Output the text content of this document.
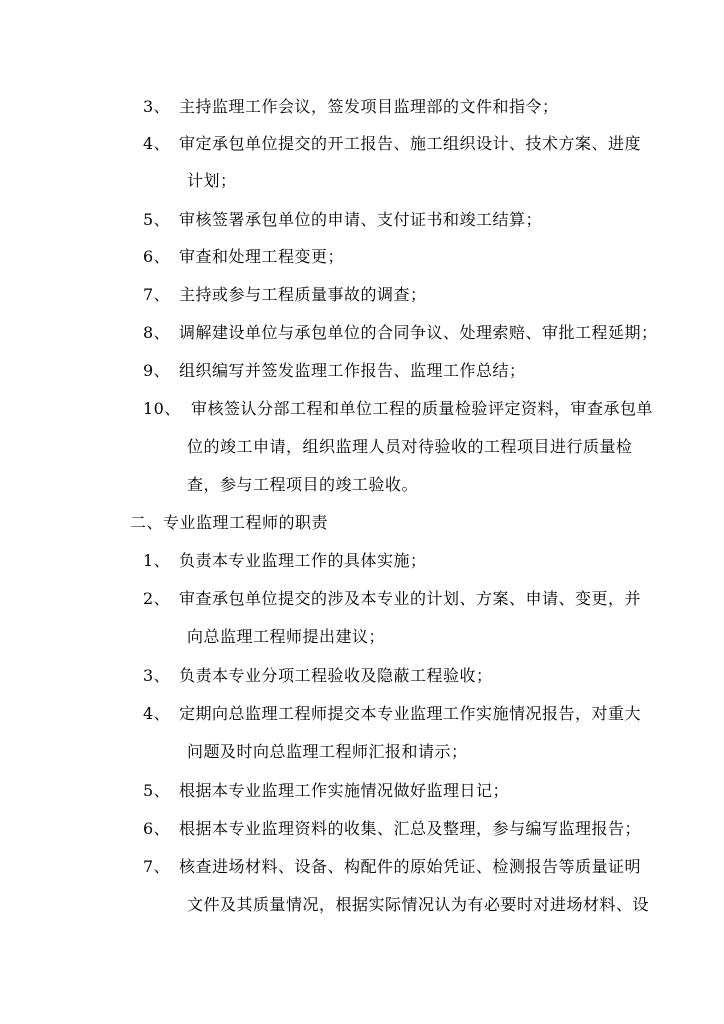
3、 主持监理工作会议，签发项目监理部的文件和指令；
4、 审定承包单位提交的开工报告、施工组织设计、技术方案、进度
计划；
5、 审核签署承包单位的申请、支付证书和竣工结算；
6、 审查和处理工程变更；
7、 主持或参与工程质量事故的调查；
8、 调解建设单位与承包单位的合同争议、处理索赔、审批工程延期；
9、 组织编写并签发监理工作报告、监理工作总结；
10、 审核签认分部工程和单位工程的质量检验评定资料，审查承包单
位的竣工申请，组织监理人员对待验收的工程项目进行质量检
查，参与工程项目的竣工验收。
二、专业监理工程师的职责
1、 负责本专业监理工作的具体实施；
2、 审查承包单位提交的涉及本专业的计划、方案、申请、变更，并
向总监理工程师提出建议；
3、 负责本专业分项工程验收及隐蔽工程验收；
4、 定期向总监理工程师提交本专业监理工作实施情况报告，对重大
问题及时向总监理工程师汇报和请示；
5、 根据本专业监理工作实施情况做好监理日记；
6、 根据本专业监理资料的收集、汇总及整理，参与编写监理报告；
7、 核查进场材料、设备、构配件的原始凭证、检测报告等质量证明
文件及其质量情况，根据实际情况认为有必要时对进场材料、设
